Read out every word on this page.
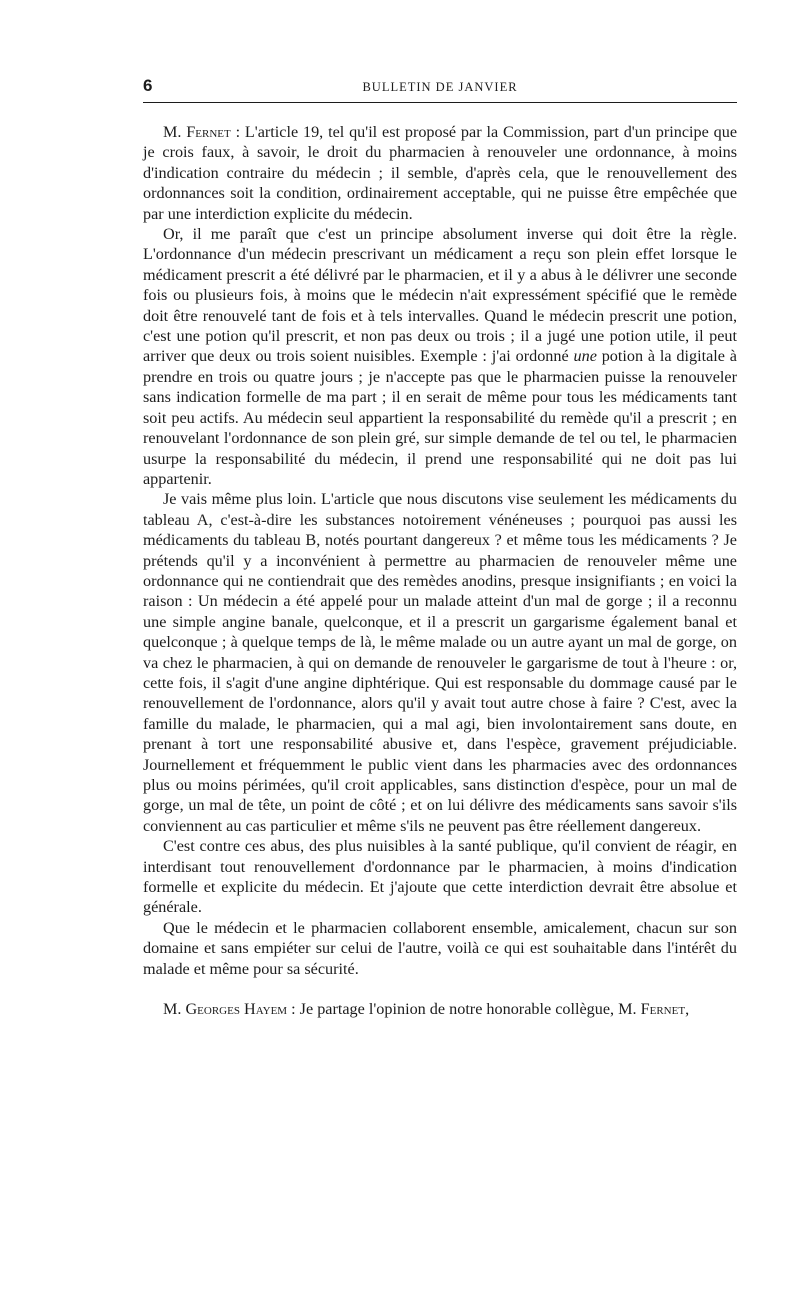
6	BULLETIN DE JANVIER

M. Fernet : L'article 19, tel qu'il est proposé par la Commission, part d'un principe que je crois faux, à savoir, le droit du pharmacien à renouveler une ordonnance, à moins d'indication contraire du médecin ; il semble, d'après cela, que le renouvellement des ordonnances soit la condition, ordinairement acceptable, qui ne puisse être empêchée que par une interdiction explicite du médecin.

Or, il me paraît que c'est un principe absolument inverse qui doit être la règle. L'ordonnance d'un médecin prescrivant un médicament a reçu son plein effet lorsque le médicament prescrit a été délivré par le pharmacien, et il y a abus à le délivrer une seconde fois ou plusieurs fois, à moins que le médecin n'ait expressément spécifié que le remède doit être renouvelé tant de fois et à tels intervalles. Quand le médecin prescrit une potion, c'est une potion qu'il prescrit, et non pas deux ou trois ; il a jugé une potion utile, il peut arriver que deux ou trois soient nuisibles. Exemple : j'ai ordonné une potion à la digitale à prendre en trois ou quatre jours ; je n'accepte pas que le pharmacien puisse la renouveler sans indication formelle de ma part ; il en serait de même pour tous les médicaments tant soit peu actifs. Au médecin seul appartient la responsabilité du remède qu'il a prescrit ; en renouvelant l'ordonnance de son plein gré, sur simple demande de tel ou tel, le pharmacien usurpe la responsabilité du médecin, il prend une responsabilité qui ne doit pas lui appartenir.

Je vais même plus loin. L'article que nous discutons vise seulement les médicaments du tableau A, c'est-à-dire les substances notoirement vénéneuses ; pourquoi pas aussi les médicaments du tableau B, notés pourtant dangereux ? et même tous les médicaments ? Je prétends qu'il y a inconvénient à permettre au pharmacien de renouveler même une ordonnance qui ne contiendrait que des remèdes anodins, presque insignifiants ; en voici la raison : Un médecin a été appelé pour un malade atteint d'un mal de gorge ; il a reconnu une simple angine banale, quelconque, et il a prescrit un gargarisme également banal et quelconque ; à quelque temps de là, le même malade ou un autre ayant un mal de gorge, on va chez le pharmacien, à qui on demande de renouveler le gargarisme de tout à l'heure : or, cette fois, il s'agit d'une angine diphtérique. Qui est responsable du dommage causé par le renouvellement de l'ordonnance, alors qu'il y avait tout autre chose à faire ? C'est, avec la famille du malade, le pharmacien, qui a mal agi, bien involontairement sans doute, en prenant à tort une responsabilité abusive et, dans l'espèce, gravement préjudiciable. Journellement et fréquemment le public vient dans les pharmacies avec des ordonnances plus ou moins périmées, qu'il croit applicables, sans distinction d'espèce, pour un mal de gorge, un mal de tête, un point de côté ; et on lui délivre des médicaments sans savoir s'ils conviennent au cas particulier et même s'ils ne peuvent pas être réellement dangereux.

C'est contre ces abus, des plus nuisibles à la santé publique, qu'il convient de réagir, en interdisant tout renouvellement d'ordonnance par le pharmacien, à moins d'indication formelle et explicite du médecin. Et j'ajoute que cette interdiction devrait être absolue et générale.

Que le médecin et le pharmacien collaborent ensemble, amicalement, chacun sur son domaine et sans empiéter sur celui de l'autre, voilà ce qui est souhaitable dans l'intérêt du malade et même pour sa sécurité.

M. Georges Hayem : Je partage l'opinion de notre honorable collègue, M. Fernet,
